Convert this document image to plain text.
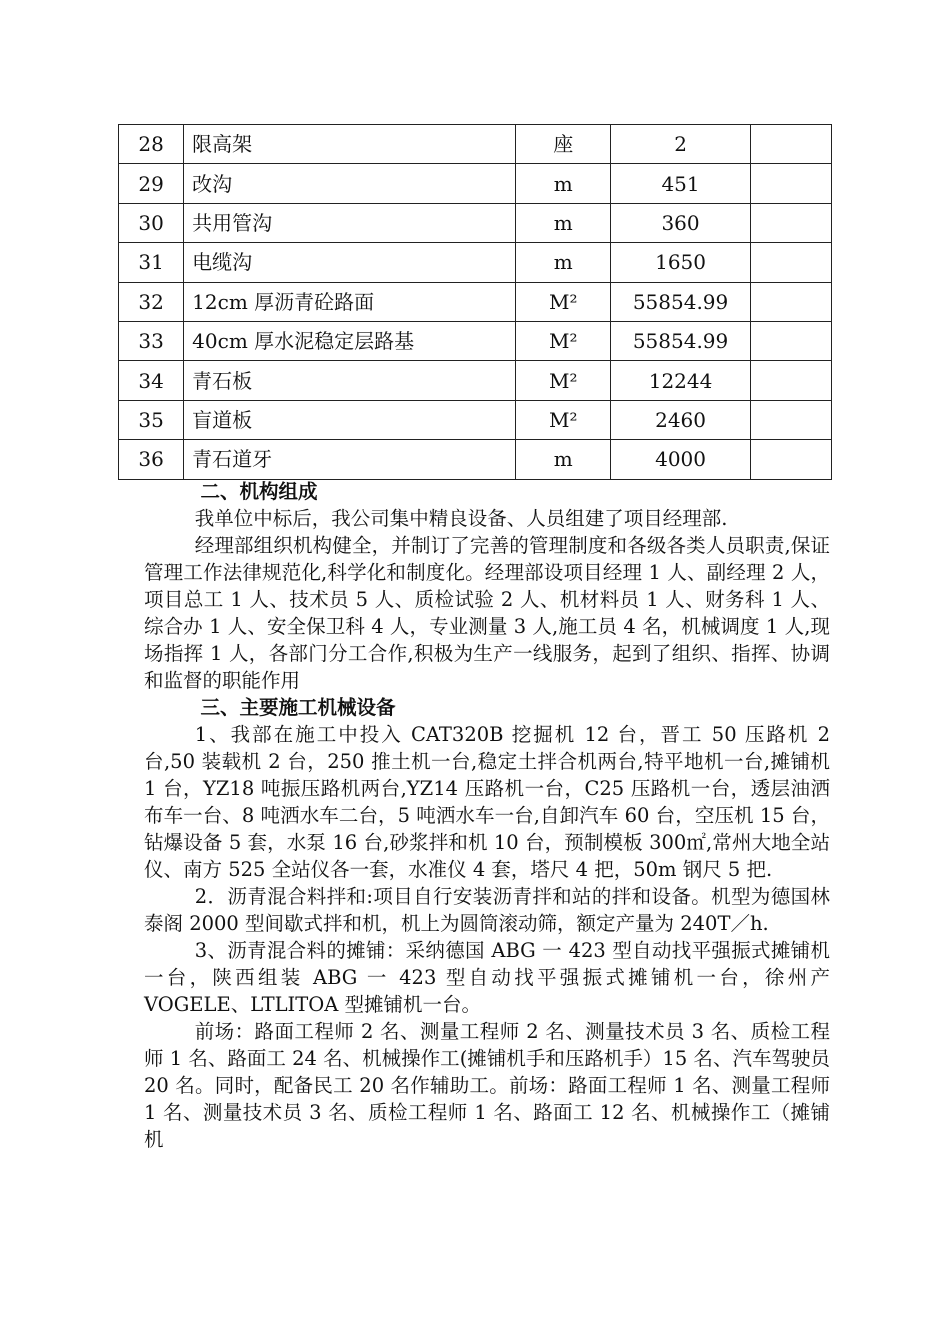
28	限高架	座	2	
29	改沟	m	451	
30	共用管沟	m	360	
31	电缆沟	m	1650	
32	12cm 厚沥青砼路面	M²	55854.99	
33	40cm 厚水泥稳定层路基	M²	55854.99	
34	青石板	M²	12244	
35	盲道板	M²	2460	
36	青石道牙	m	4000	
二、机构组成

我单位中标后，我公司集中精良设备、人员组建了项目经理部.

经理部组织机构健全，并制订了完善的管理制度和各级各类人员职责,保证管理工作法律规范化,科学化和制度化。经理部设项目经理 1 人、副经理 2 人，项目总工 1 人、技术员 5 人、质检试验 2 人、机材料员 1 人、财务科 1 人、综合办 1 人、安全保卫科 4 人，专业测量 3 人,施工员 4 名，机械调度 1 人,现场指挥 1 人，各部门分工合作,积极为生产一线服务，起到了组织、指挥、协调和监督的职能作用

三、主要施工机械设备

1、我部在施工中投入 CAT320B 挖掘机 12 台，晋工 50 压路机 2 台,50 装载机 2 台，250 推土机一台,稳定土拌合机两台,特平地机一台,摊铺机 1 台，YZ18 吨振压路机两台,YZ14 压路机一台，C25 压路机一台，透层油洒布车一台、8 吨洒水车二台，5 吨洒水车一台,自卸汽车 60 台，空压机 15 台，钻爆设备 5 套，水泵 16 台,砂浆拌和机 10 台，预制模板 300㎡,常州大地全站仪、南方 525 全站仪各一套，水准仪 4 套，塔尺 4 把，50m 钢尺 5 把.

2．沥青混合料拌和:项目自行安装沥青拌和站的拌和设备。机型为德国林泰阁 2000 型间歇式拌和机，机上为圆筒滚动筛，额定产量为 240T／h.

3、沥青混合料的摊铺：采纳德国 ABG 一 423 型自动找平强振式摊铺机一台，陕西组装 ABG 一 423 型自动找平强振式摊铺机一台，徐州产 VOGELE、LTLITOA 型摊铺机一台。

前场：路面工程师 2 名、测量工程师 2 名、测量技术员 3 名、质检工程师 1 名、路面工 24 名、机械操作工(摊铺机手和压路机手）15 名、汽车驾驶员 20 名。同时，配备民工 20 名作辅助工。前场：路面工程师 1 名、测量工程师 1 名、测量技术员 3 名、质检工程师 1 名、路面工 12 名、机械操作工（摊铺机
